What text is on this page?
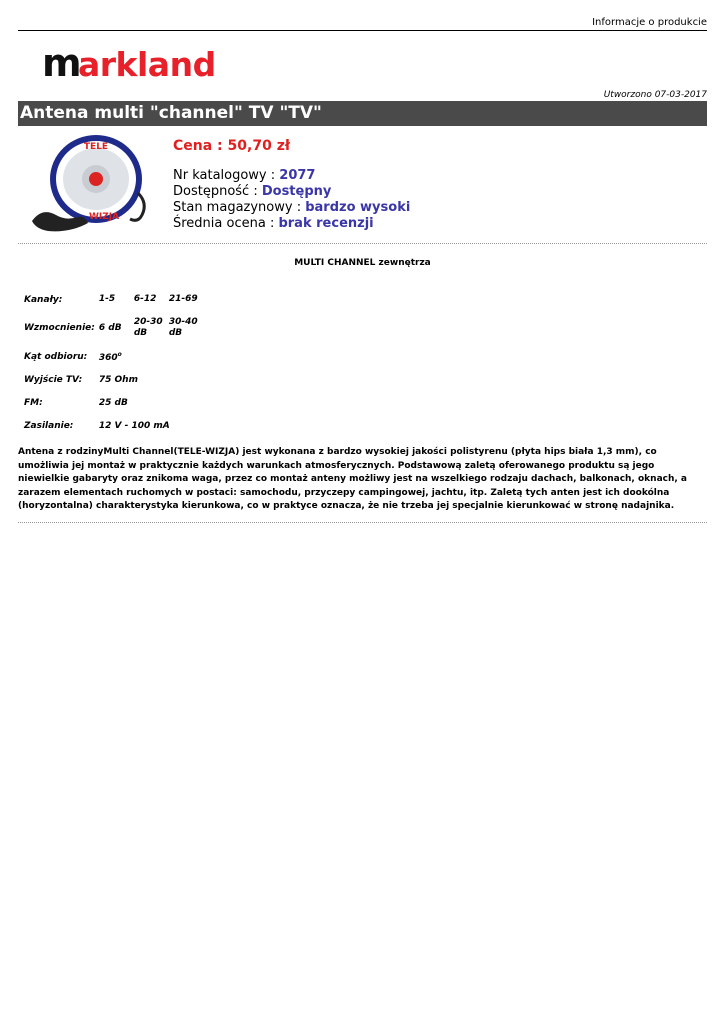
Informacje o produkcie
m
arkland
Utworzono 07-03-2017
Antena multi "channel" TV "TV"
TELE
WIZJA
Cena : 50,70 zł
Nr katalogowy : 2077
Dostępność : Dostępny
Stan magazynowy : bardzo wysoki
Średnia ocena : brak recenzji
MULTI CHANNEL zewnętrza
Kanały:	1-5	6-12	21-69
Wzmocnienie:	6 dB	20-30 dB	30-40 dB
Kąt odbioru:	360$^o$
Wyjście TV:	75 Ohm		
FM:	25 dB		
Zasilanie:	12 V - 100 mA		
Antena z rodzinyMulti Channel(TELE-WIZJA) jest wykonana z bardzo wysokiej jakości polistyrenu (płyta hips biała 1,3 mm), co umożliwia jej montaż w praktycznie każdych warunkach atmosferycznych. Podstawową zaletą oferowanego produktu są jego niewielkie gabaryty oraz znikoma waga, przez co montaż anteny możliwy jest na wszelkiego rodzaju dachach, balkonach, oknach, a zarazem elementach ruchomych w postaci: samochodu, przyczepy campingowej, jachtu, itp. Zaletą tych anten jest ich dookólna (horyzontalna) charakterystyka kierunkowa, co w praktyce oznacza, że nie trzeba jej specjalnie kierunkować w stronę nadajnika.
